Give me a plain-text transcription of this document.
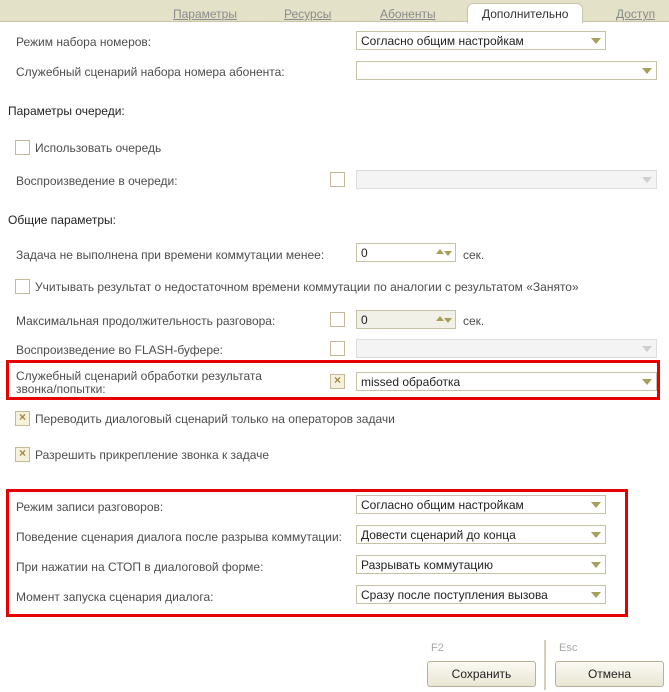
Параметры	Ресурсы	Абоненты	Дополнительно	Доступ
Режим набора номеров:	Согласно общим настройкам
Служебный сценарий набора номера абонента:
Параметры очереди:
Использовать очередь
Воспроизведение в очереди:
Общие параметры:
Задача не выполнена при времени коммутации менее:	0	сек.
Учитывать результат о недостаточном времени коммутации по аналогии с результатом «Занято»
Максимальная продолжительность разговора:	0	сек.
Воспроизведение во FLASH-буфере:
Служебный сценарий обработки результата звонка/попытки:
× missed обработка
× Переводить диалоговый сценарий только на операторов задачи
× Разрешить прикрепление звонка к задаче
Режим записи разговоров:	Согласно общим настройкам
Поведение сценария диалога после разрыва коммутации: Довести сценарий до конца
При нажатии на СТОП в диалоговой форме:	Разрывать коммутацию
Момент запуска сценария диалога:	Сразу после поступления вызова
F2
Сохранить
Esc
Отмена
